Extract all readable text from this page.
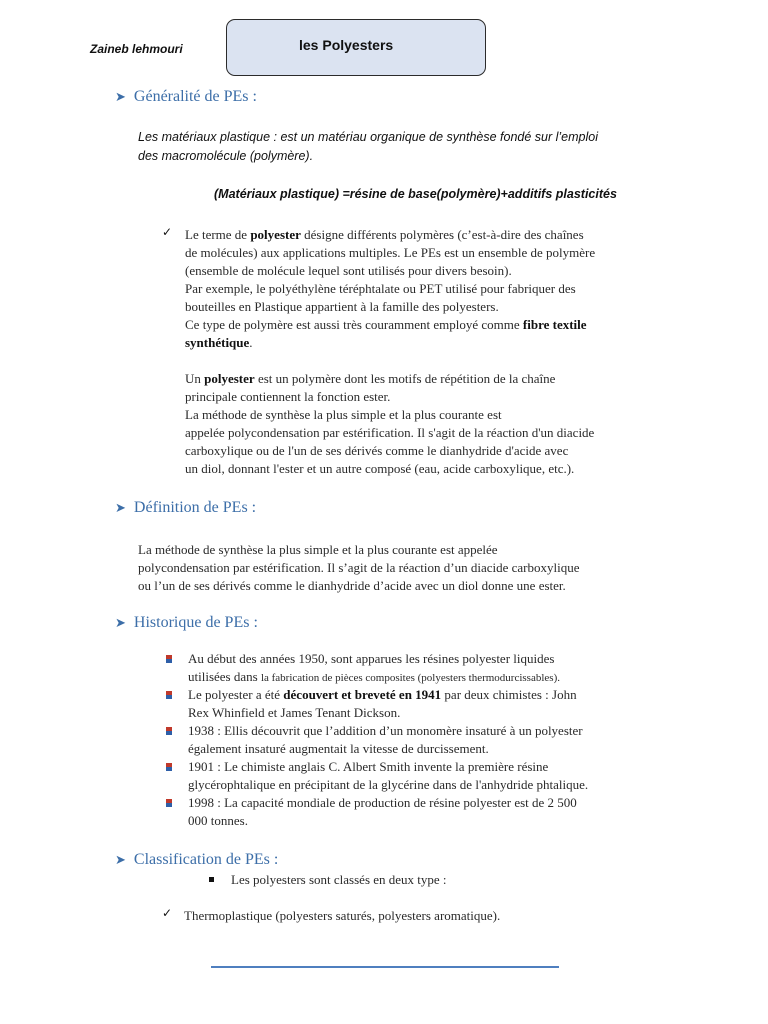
Zaineb lehmouri	les Polyesters
➤ Généralité de PEs :
Les matériaux plastique : est un matériau organique de synthèse fondé sur l’emploi
des macromolécule (polymère).
(Matériaux plastique) =résine de base(polymère)+additifs plasticités
✓ Le terme de polyester désigne différents polymères (c’est-à-dire des chaînes
de molécules) aux applications multiples. Le PEs est un ensemble de polymère
(ensemble de molécule lequel sont utilisés pour divers besoin).
Par exemple, le polyéthylène téréphtalate ou PET utilisé pour fabriquer des
bouteilles en Plastique appartient à la famille des polyesters.
Ce type de polymère est aussi très couramment employé comme fibre textile
synthétique.
Un polyester est un polymère dont les motifs de répétition de la chaîne
principale contiennent la fonction ester.
La méthode de synthèse la plus simple et la plus courante est
appelée polycondensation par estérification. Il s'agit de la réaction d'un diacide
carboxylique ou de l'un de ses dérivés comme le dianhydride d'acide avec
un diol, donnant l'ester et un autre composé (eau, acide carboxylique, etc.).
➤ Définition de PEs :
La méthode de synthèse la plus simple et la plus courante est appelée
polycondensation par estérification. Il s’agit de la réaction d’un diacide carboxylique
ou l’un de ses dérivés comme le dianhydride d’acide avec un diol donne une ester.
➤ Historique de PEs :
Au début des années 1950, sont apparues les résines polyester liquides
utilisées dans la fabrication de pièces composites (polyesters thermodurcissables).
Le polyester a été découvert et breveté en 1941 par deux chimistes : John
Rex Whinfield et James Tenant Dickson.
1938 : Ellis découvrit que l’addition d’un monomère insaturé à un polyester
également insaturé augmentait la vitesse de durcissement.
1901 : Le chimiste anglais C. Albert Smith invente la première résine
glycérophtalique en précipitant de la glycérine dans de l'anhydride phtalique.
1998 : La capacité mondiale de production de résine polyester est de 2 500
000 tonnes.
➤ Classification de PEs :
Les polyesters sont classés en deux type :
✓ Thermoplastique (polyesters saturés, polyesters aromatique).
